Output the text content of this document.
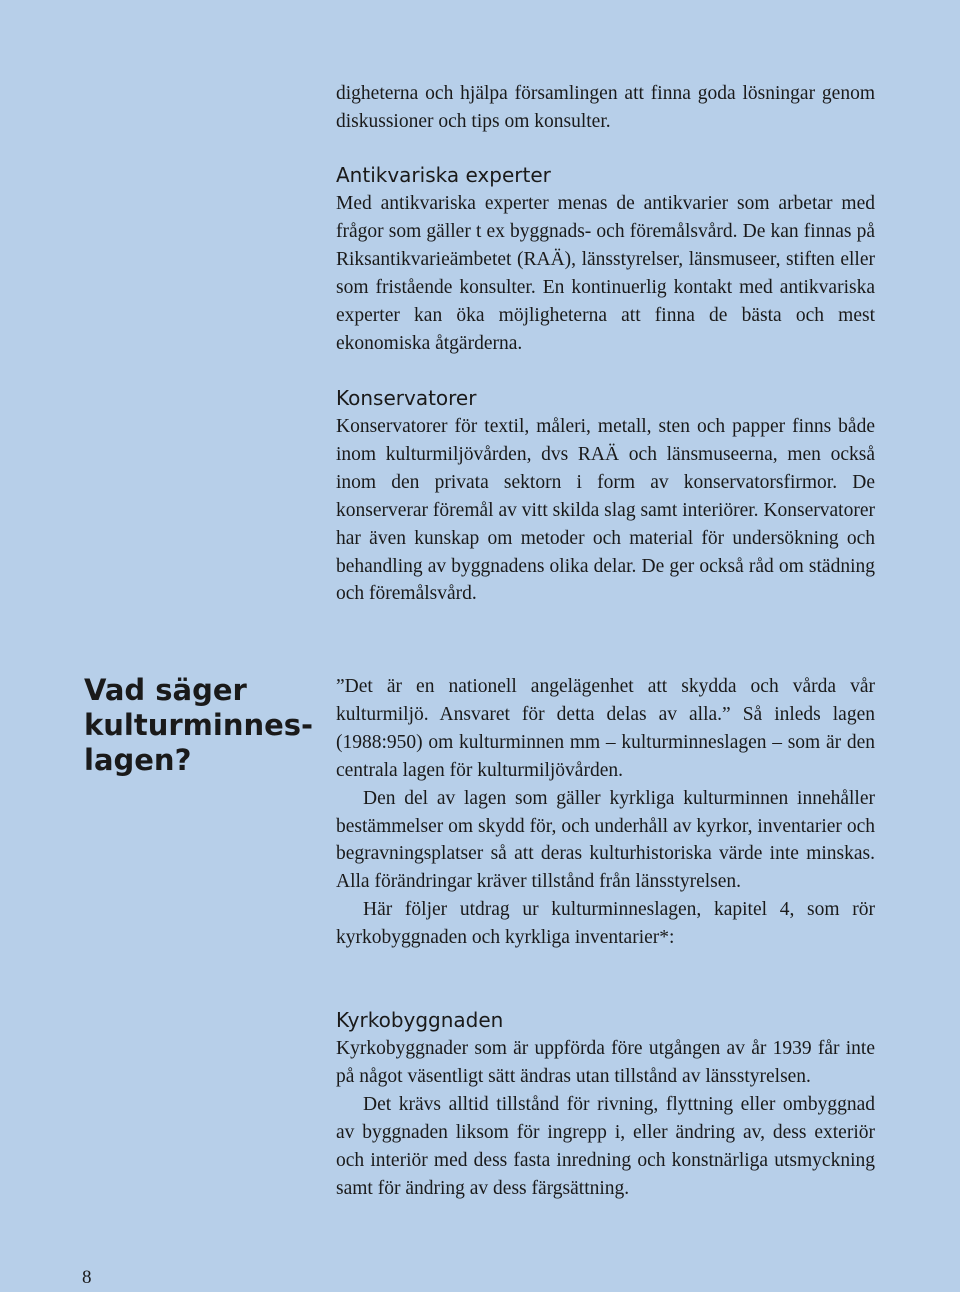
digheterna och hjälpa församlingen att finna goda lösningar genom diskussioner och tips om konsulter.

Antikvariska experter

Med antikvariska experter menas de antikvarier som arbetar med frågor som gäller t ex byggnads- och föremålsvård. De kan finnas på Riksantikvarieämbetet (RAÄ), länsstyrelser, länsmuseer, stiften eller som fristående konsulter. En kontinuerlig kontakt med antikvariska experter kan öka möjligheterna att finna de bästa och mest ekonomiska åtgärderna.

Konservatorer

Konservatorer för textil, måleri, metall, sten och papper finns både inom kulturmiljövården, dvs RAÄ och länsmuseerna, men också inom den privata sektorn i form av konservatorsfirmor. De konserverar föremål av vitt skilda slag samt interiörer. Konservatorer har även kunskap om metoder och material för undersökning och behandling av byggnadens olika delar. De ger också råd om städning och föremålsvård.

Vad säger
kulturminnes-
lagen?

”Det är en nationell angelägenhet att skydda och vårda vår kulturmiljö. Ansvaret för detta delas av alla.” Så inleds lagen (1988:950) om kulturminnen mm – kulturminneslagen – som är den centrala lagen för kulturmiljövården.

Den del av lagen som gäller kyrkliga kulturminnen innehåller bestämmelser om skydd för, och underhåll av kyrkor, inventarier och begravningsplatser så att deras kulturhistoriska värde inte minskas. Alla förändringar kräver tillstånd från länsstyrelsen.

Här följer utdrag ur kulturminneslagen, kapitel 4, som rör kyrkobyggnaden och kyrkliga inventarier*:

Kyrkobyggnaden

Kyrkobyggnader som är uppförda före utgången av år 1939 får inte på något väsentligt sätt ändras utan tillstånd av länsstyrelsen.

Det krävs alltid tillstånd för rivning, flyttning eller ombyggnad av byggnaden liksom för ingrepp i, eller ändring av, dess exteriör och interiör med dess fasta inredning och konstnärliga utsmyckning samt för ändring av dess färgsättning.

8
